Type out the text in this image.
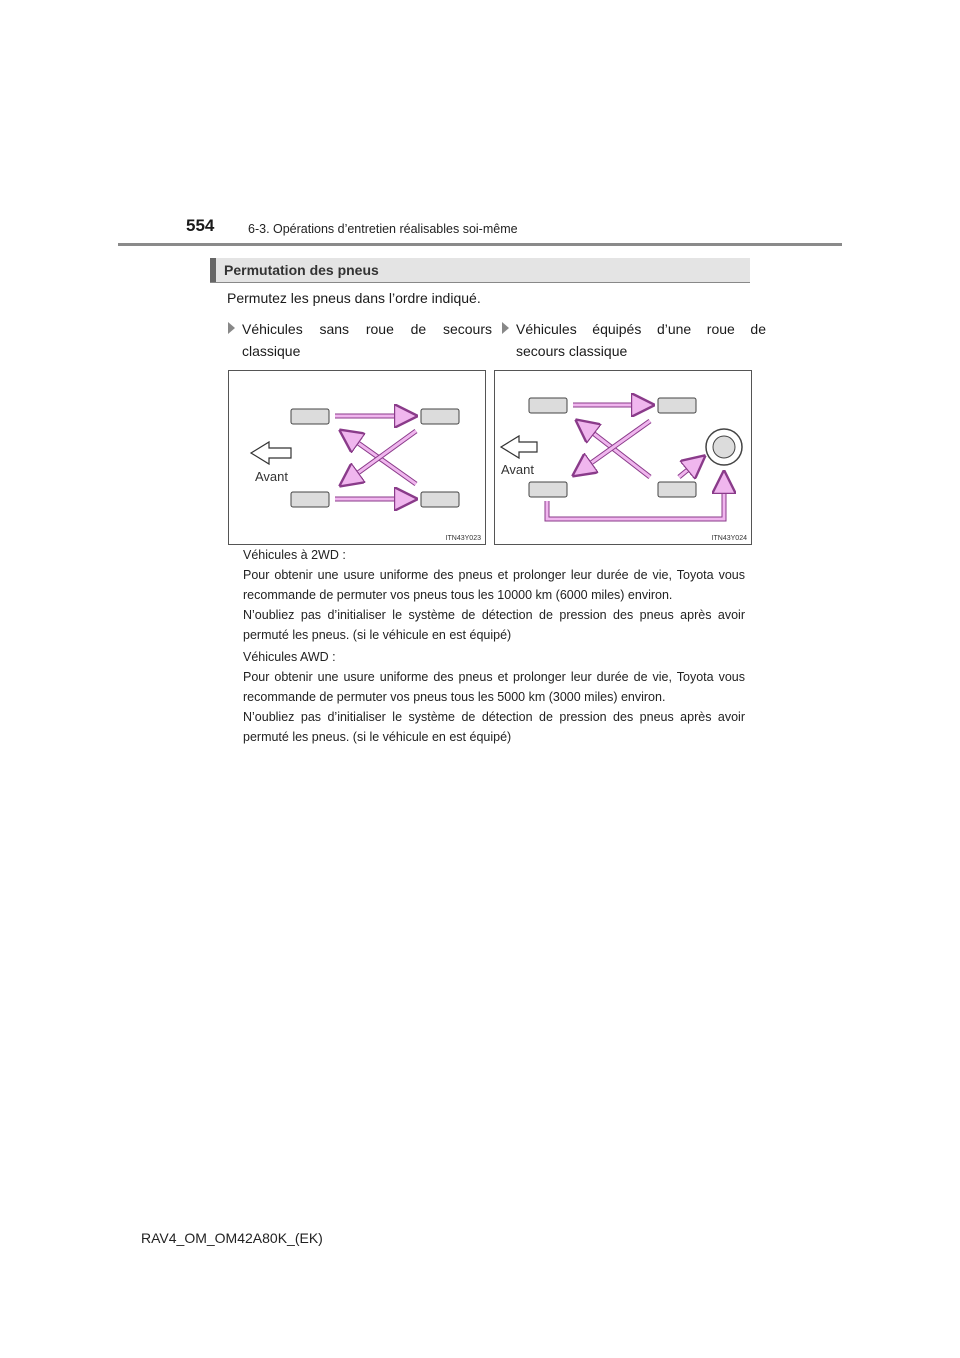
554	6-3. Opérations d’entretien réalisables soi-même
Permutation des pneus
Permutez les pneus dans l’ordre indiqué.
Véhicules sans roue de secours classique
Véhicules équipés d’une roue de secours classique
Avant
ITN43Y023
Avant
ITN43Y024

Véhicules à 2WD :

Pour obtenir une usure uniforme des pneus et prolonger leur durée de vie, Toyota vous recommande de permuter vos pneus tous les 10000 km (6000 miles) environ.

N’oubliez pas d’initialiser le système de détection de pression des pneus après avoir permuté les pneus. (si le véhicule en est équipé)

Véhicules AWD :

Pour obtenir une usure uniforme des pneus et prolonger leur durée de vie, Toyota vous recommande de permuter vos pneus tous les 5000 km (3000 miles) environ.

N’oubliez pas d’initialiser le système de détection de pression des pneus après avoir permuté les pneus. (si le véhicule en est équipé)

RAV4_OM_OM42A80K_(EK)
